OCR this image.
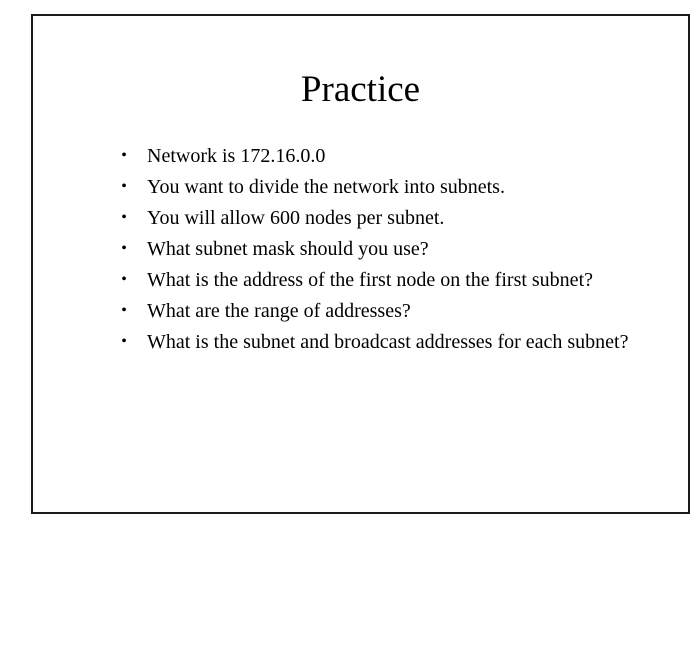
Practice
• Network is 172.16.0.0
• You want to divide the network into subnets.
• You will allow 600 nodes per subnet.
• What subnet mask should you use?
• What is the address of the first node on the first subnet?
• What are the range of addresses?
• What is the subnet and broadcast addresses for each subnet?
